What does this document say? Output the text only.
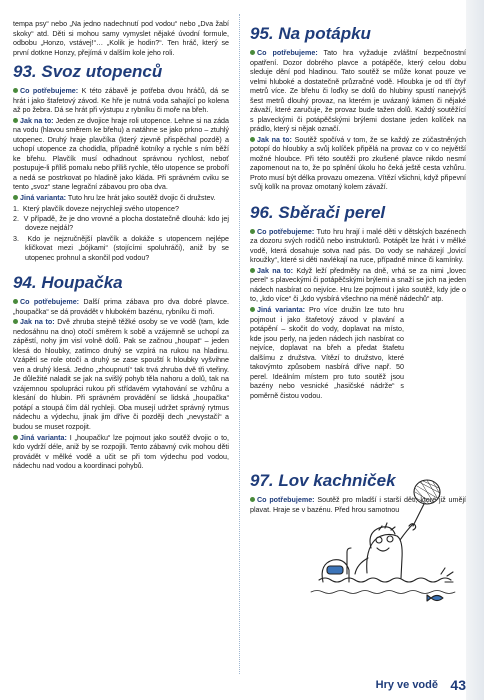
tempa psy“ nebo „Na jedno nadechnutí pod vodou“ nebo „Dva žabí skoky“ atd. Děti si mohou samy vymyslet nějaké úvodní formule, odbobu „Honzo, vstávej!“… „Kolik je hodin?“. Ten hráč, který se první dotkne Honzy, přejímá v dalším kole jeho roli.

93. Svoz utopenců

Co potřebujeme: K této zábavě je potřeba dvou hráčů, dá se hrát i jako štafetový závod. Ke hře je nutná voda sahající po kolena až po žebra. Dá se hrát při výstupu z rybníku či moře na břeh.

Jak na to: Jeden ze dvojice hraje roli utopence. Lehne si na záda na vodu (hlavou směrem ke břehu) a natáhne se jako prkno – ztuhlý utopenec. Druhý hraje plavčíka (který zjevně přispěchal pozdě) a uchopí utopence za chodidla, případně kotníky a rychle s ním běží ke břehu. Plavčík musí odhadnout správnou rychlost, neboť postupuje-li příliš pomalu nebo příliš rychle, tělo utopence se proboří a nedá se postrkovat po hladině jako kláda. Při správném cviku se tento „svoz“ stane legrační zábavou pro oba dva.

Jiná varianta: Tuto hru lze hrát jako soutěž dvojic či družstev.

1.  Který plavčík doveze nejrychleji svého utopence?
2.  V případě, že je dno vrovné a plocha dostatečně dlouhá: kdo jej doveze nejdál?
3.  Kdo je nejzručnější plavčík a dokáže s utopencem nejlépe kličkovat mezi „bójkami“ (stojícími spoluhráči), aniž by se utopenec prohnul a skončil pod vodou?
94. Houpačka

Co potřebujeme: Další prima zábava pro dva dobré plavce. „houpačka“ se dá provádět v hlubokém bazénu, rybníku či moři.

Jak na to: Dvě zhruba stejně těžké osoby se ve vodě (tam, kde nedosáhnu na dno) otočí směrem k sobě a vzájemně se uchopí za zápěstí, nohy jim visí volně dolů. Pak se začnou „houpat“ – jeden klesá do hloubky, zatímco druhý se vzpírá na rukou na hladinu. Vzápětí se role otočí a druhý se zase spouští k hloubky vyšvihne ven a druhý klesá. Jedno „zhoupnutí“ tak trvá zhruba dvě tři vteřiny. Je důležité naladit se jak na svišlý pohyb těla nahoru a dolů, tak na vzájemnou spolupráci rukou při střídavém vytahování se vzhůru a klesání do hlubin. Při správném provádění se lidská „houpačka“ potápí a stoupá čím dál rychleji. Oba musejí udržet správný rytmus nádechu a výdechu, jinak jim dříve či později dech „nevystačí“ a budou se muset rozpojit.

Jiná varianta: I „houpačku“ lze pojmout jako soutěž dvojic o to, kdo vydrží déle, aniž by se rozpojili. Tento zábavný cvik mohou děti provádět v mělké vodě a učit se při tom výdechu pod vodou, nádechu nad vodou a koordinaci pohybů.

95. Na potápku

Co potřebujeme: Tato hra vyžaduje zvláštní bezpečnostní opatření. Dozor dobrého plavce a potápěče, který celou dobu sleduje dění pod hladinou. Tato soutěž se může konat pouze ve velmi hluboké a dostatečně průzračné vodě. Hloubka je od tří čtyř metrů více. Ze břehu či loďky se dolů do hlubiny spustí nanejvýš šest metrů dlouhý provaz, na kterém je uvázaný kámen či nějaké závaží, které zaručuje, že provaz bude tažen dolů. Každý soutěžící s plaveckými či potápěčskými brýlemi dostane jeden kolíček na prádlo, který si nějak označí.

Jak na to: Soutěž spočívá v tom, že se každý ze zúčastněných potopí do hloubky a svůj kolíček připělá na provaz co v co největší možné hloubce. Při této soutěži pro zkušené plavce nikdo nesmí zapomenout na to, že po splnění úkolu ho čeká ještě cesta vzhůru. Proto musí být délka provazu omezena. Vítězí všichni, když připevní svůj kolík na provaz omotaný kolem závaží.

96. Sběrači perel

Co potřebujeme: Tuto hru hrají i malé děti v dětských bazénech za dozoru svých rodičů nebo instruktorů. Potápět lze hrát i v mělké vodě, která dosahuje sotva nad pás. Do vody se naházejí „lovicí kroužky“, které si děti navlékají na ruce, případně mince či kamínky.

Jak na to: Když leží předměty na dně, vrhá se za nimi „lovec perel“ s plaveckými či potápěčskými brýlemi a snaží se jich na jeden nádech nasbírat co nejvíce. Hru lze pojmout i jako soutěž, kdy jde o to, „kdo více“ či „kdo vysbírá všechno na méně nádechů“ atp.

Jiná varianta: Pro více družin lze tuto hru pojmout i jako štafetový závod v plavání a potápění – skočit do vody, doplavat na místo, kde jsou perly, na jeden nádech jich nasbírat co nejvíce, doplavat na břeh a předat štafetu dalšímu z družstva. Vítězí to družstvo, které takovýmto způsobem nasbírá dříve např. 50 perel. Ideálním místem pro tuto soutěž jsou bazény nebo vesnické „hasičské nádrže“ s poměrně čistou vodou.

97. Lov kachniček

Co potřebujeme: Soutěž pro mladší i starší děti, které již umějí plavat. Hraje se v bazénu. Před hrou samotnou

Hry ve vodě 43
